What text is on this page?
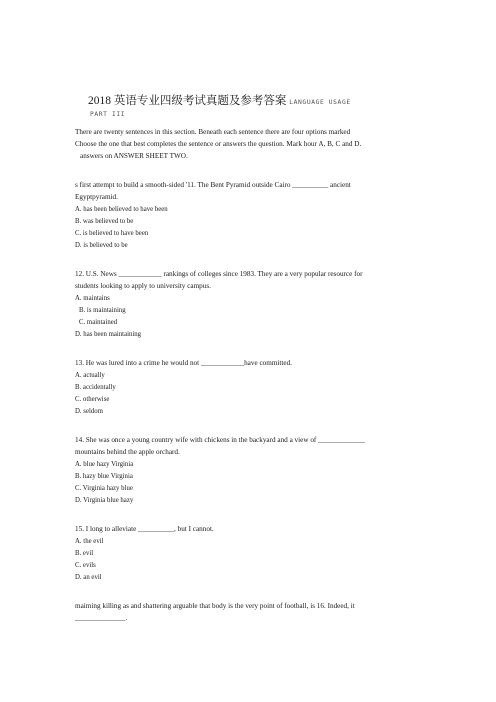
2018 英语专业四级考试真题及参考答案 LANGUAGE USAGE
PART III
There are twenty sentences in this section. Beneath each sentence there are four options marked
Choose the one that best completes the sentence or answers the question. Mark hour A, B, C and D.
answers on ANSWER SHEET TWO.
s first attempt to build a smooth-sided '11. The Bent Pyramid outside Cairo __________ ancient
Egyptpyramid.
A. has been believed to have been
B. was believed to be
C. is believed to have been
D. is believed to be
12. U.S. News ____________ rankings of colleges since 1983. They are a very popular resource for
students looking to apply to university campus.
A. maintains
B. is maintaining
C. maintained
D. has been maintaining
13. He was lured into a crime he would not ____________have committed.
A. actually
B. accidentally
C. otherwise
D. seldom
14. She was once a young country wife with chickens in the backyard and a view of _____________
mountains behind the apple orchard.
A. blue hazy Virginia
B. hazy blue Virginia
C. Virginia hazy blue
D. Virginia blue hazy
15. I long to alleviate __________, but I cannot.
A. the evil
B. evil
C. evils
D. an evil
maiming killing as and shattering arguable that body is the very point of football, is 16. Indeed, it
______________.
